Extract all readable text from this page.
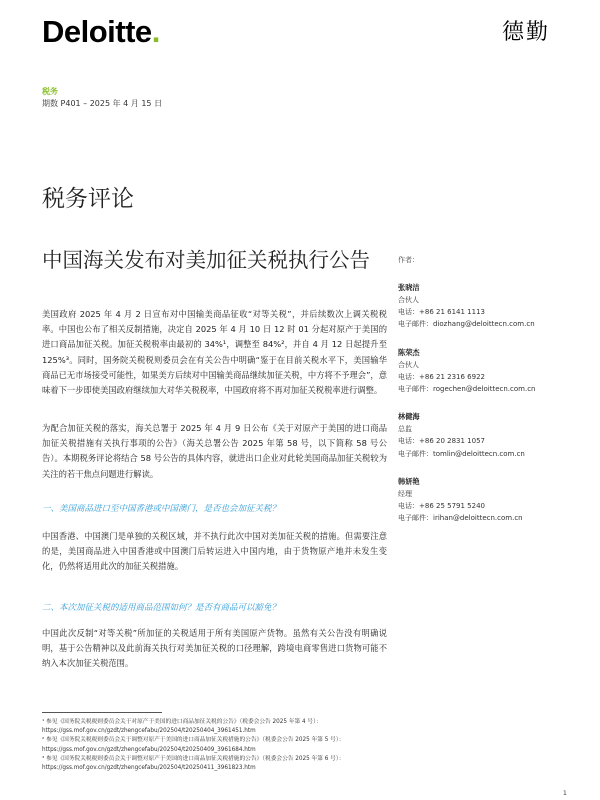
Deloitte.	德勤
税务
期数 P401 – 2025 年 4 月 15 日
税务评论
中国海关发布对美加征关税执行公告
美国政府 2025 年 4 月 2 日宣布对中国输美商品征收“对等关税”，并后续数次上调关税税率。中国也公布了相关反制措施，决定自 2025 年 4 月 10 日 12 时 01 分起对原产于美国的进口商品加征关税。加征关税税率由最初的 34%¹，调整至 84%²，并自 4 月 12 日起提升至 125%³。同时，国务院关税税则委员会在有关公告中明确“鉴于在目前关税水平下，美国输华商品已无市场接受可能性，如果美方后续对中国输美商品继续加征关税，中方将不予理会”，意味着下一步即使美国政府继续加大对华关税税率，中国政府将不再对加征关税税率进行调整。
为配合加征关税的落实，海关总署于 2025 年 4 月 9 日公布《关于对原产于美国的进口商品加征关税措施有关执行事项的公告》（海关总署公告 2025 年第 58 号，以下简称 58 号公告）。本期税务评论将结合 58 号公告的具体内容，就进出口企业对此轮美国商品加征关税较为关注的若干焦点问题进行解读。
一、美国商品进口至中国香港或中国澳门，是否也会加征关税？
中国香港、中国澳门是单独的关税区域，并不执行此次中国对美加征关税的措施。但需要注意的是，美国商品进入中国香港或中国澳门后转运进入中国内地，由于货物原产地并未发生变化，仍然将适用此次的加征关税措施。
二、本次加征关税的适用商品范围如何？是否有商品可以豁免？
中国此次反制“对等关税”所加征的关税适用于所有美国原产货物。虽然有关公告没有明确说明，基于公告精神以及此前海关执行对美加征关税的口径理解，跨境电商零售进口货物可能不纳入本次加征关税范围。
作者：
张晓洁
合伙人
电话：+86 21 6141 1113
电子邮件：diozhang@deloittecn.com.cn
陈荣杰
合伙人
电话：+86 21 2316 6922
电子邮件：rogechen@deloittecn.com.cn
林健海
总监
电话：+86 20 2831 1057
电子邮件：tomlin@deloittecn.com.cn
韩妍艳
经理
电话：+86 25 5791 5240
电子邮件：irihan@deloittecn.com.cn
¹ 参见《国务院关税税则委员会关于对原产于美国的进口商品加征关税的公告》（税委会公告 2025 年第 4 号）：
https://gss.mof.gov.cn/gzdt/zhengcefabu/202504/t20250404_3961451.htm
² 参见《国务院关税税则委员会关于调整对原产于美国的进口商品加征关税措施的公告》（税委会公告 2025 年第 5 号）：
https://gss.mof.gov.cn/gzdt/zhengcefabu/202504/t20250409_3961684.htm
³ 参见《国务院关税税则委员会关于调整对原产于美国的进口商品加征关税措施的公告》（税委会公告 2025 年第 6 号）：
https://gss.mof.gov.cn/gzdt/zhengcefabu/202504/t20250411_3961823.htm
1
